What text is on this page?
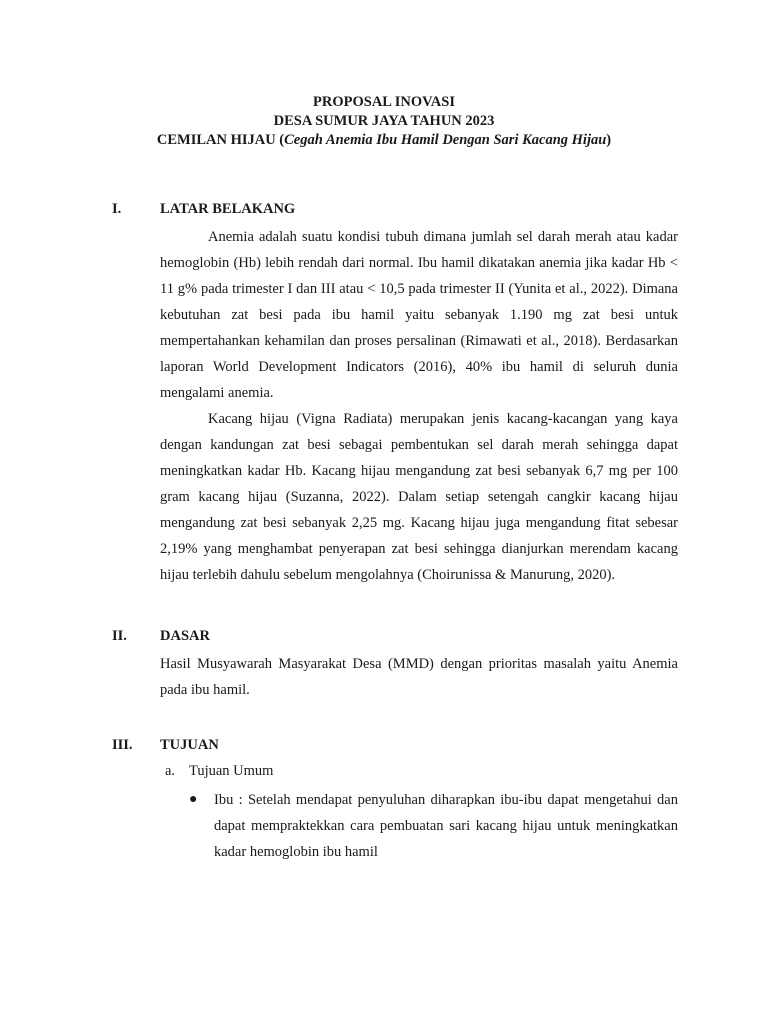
PROPOSAL INOVASI
DESA SUMUR JAYA TAHUN 2023
CEMILAN HIJAU (Cegah Anemia Ibu Hamil Dengan Sari Kacang Hijau)
I.	LATAR BELAKANG
Anemia adalah suatu kondisi tubuh dimana jumlah sel darah merah atau kadar hemoglobin (Hb) lebih rendah dari normal. Ibu hamil dikatakan anemia jika kadar Hb < 11 g% pada trimester I dan III atau < 10,5 pada trimester II (Yunita et al., 2022). Dimana kebutuhan zat besi pada ibu hamil yaitu sebanyak 1.190 mg zat besi untuk mempertahankan kehamilan dan proses persalinan (Rimawati et al., 2018). Berdasarkan laporan World Development Indicators (2016), 40% ibu hamil di seluruh dunia mengalami anemia.
Kacang hijau (Vigna Radiata) merupakan jenis kacang-kacangan yang kaya dengan kandungan zat besi sebagai pembentukan sel darah merah sehingga dapat meningkatkan kadar Hb. Kacang hijau mengandung zat besi sebanyak 6,7 mg per 100 gram kacang hijau (Suzanna, 2022). Dalam setiap setengah cangkir kacang hijau mengandung zat besi sebanyak 2,25 mg. Kacang hijau juga mengandung fitat sebesar 2,19% yang menghambat penyerapan zat besi sehingga dianjurkan merendam kacang hijau terlebih dahulu sebelum mengolahnya (Choirunissa & Manurung, 2020).
II. DASAR
Hasil Musyawarah Masyarakat Desa (MMD) dengan prioritas masalah yaitu Anemia pada ibu hamil.
III. TUJUAN
a. Tujuan Umum
● Ibu : Setelah mendapat penyuluhan diharapkan ibu-ibu dapat mengetahui dan dapat mempraktekkan cara pembuatan sari kacang hijau untuk meningkatkan kadar hemoglobin ibu hamil
